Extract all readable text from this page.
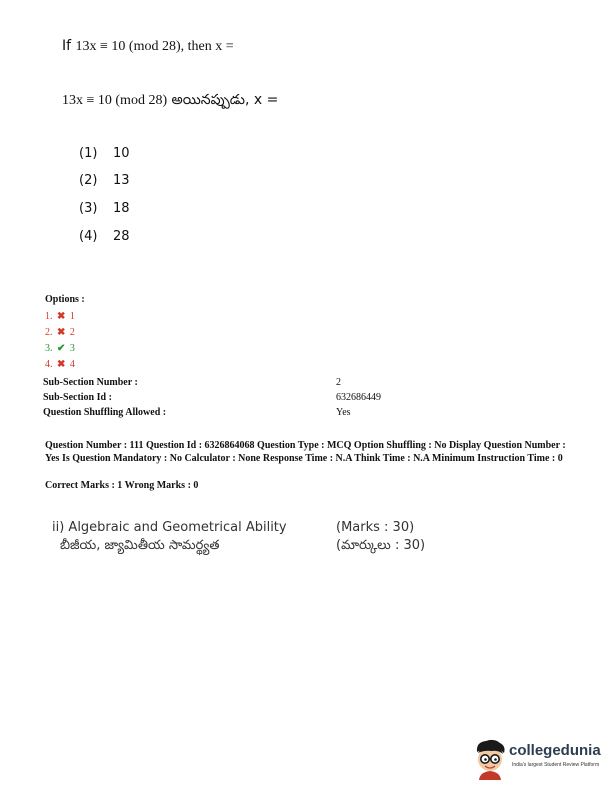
If 13x ≡ 10 (mod 28), then x =
13x ≡ 10 (mod 28) అయినప్పుడు, x =
(1) 10
(2) 13
(3) 18
(4) 28
Options :
1. ✖ 1
2. ✖ 2
3. ✔ 3
4. ✖ 4
Sub-Section Number :	2
Sub-Section Id :	632686449
Question Shuffling Allowed :	Yes
Question Number : 111 Question Id : 6326864068 Question Type : MCQ Option Shuffling : No Display Question Number : Yes Is Question Mandatory : No Calculator : None Response Time : N.A Think Time : N.A Minimum Instruction Time : 0
Correct Marks : 1 Wrong Marks : 0
ii) Algebraic and Geometrical Ability	(Marks : 30)
బీజీయ, జ్యామితీయ సామర్థ్యత	(మార్కులు : 30)
collegedunia
India's largest Student Review Platform
